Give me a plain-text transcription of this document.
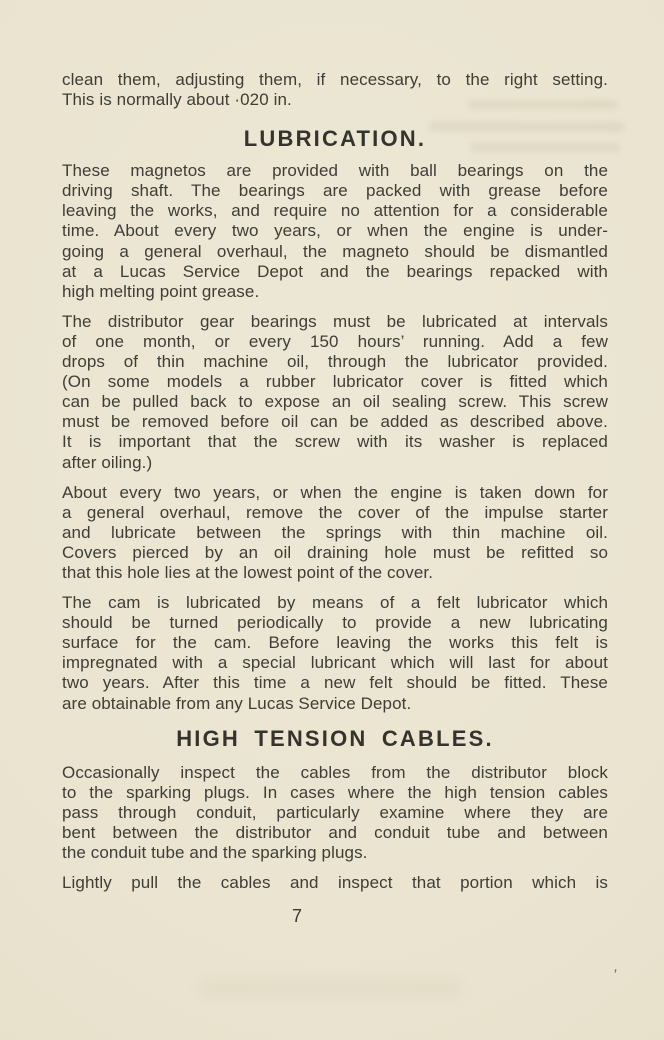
clean them, adjusting them, if necessary, to the right setting.
This is normally about ·020 in.
LUBRICATION.
These magnetos are provided with ball bearings on the
driving shaft. The bearings are packed with grease before
leaving the works, and require no attention for a considerable
time. About every two years, or when the engine is under-
going a general overhaul, the magneto should be dismantled
at a Lucas Service Depot and the bearings repacked with
high melting point grease.
The distributor gear bearings must be lubricated at intervals
of one month, or every 150 hours’ running. Add a few
drops of thin machine oil, through the lubricator provided.
(On some models a rubber lubricator cover is fitted which
can be pulled back to expose an oil sealing screw. This screw
must be removed before oil can be added as described above.
It is important that the screw with its washer is replaced
after oiling.)
About every two years, or when the engine is taken down for
a general overhaul, remove the cover of the impulse starter
and lubricate between the springs with thin machine oil.
Covers pierced by an oil draining hole must be refitted so
that this hole lies at the lowest point of the cover.
The cam is lubricated by means of a felt lubricator which
should be turned periodically to provide a new lubricating
surface for the cam. Before leaving the works this felt is
impregnated with a special lubricant which will last for about
two years. After this time a new felt should be fitted. These
are obtainable from any Lucas Service Depot.
HIGH TENSION CABLES.
Occasionally inspect the cables from the distributor block
to the sparking plugs. In cases where the high tension cables
pass through conduit, particularly examine where they are
bent between the distributor and conduit tube and between
the conduit tube and the sparking plugs.
Lightly pull the cables and inspect that portion which is
7
,
